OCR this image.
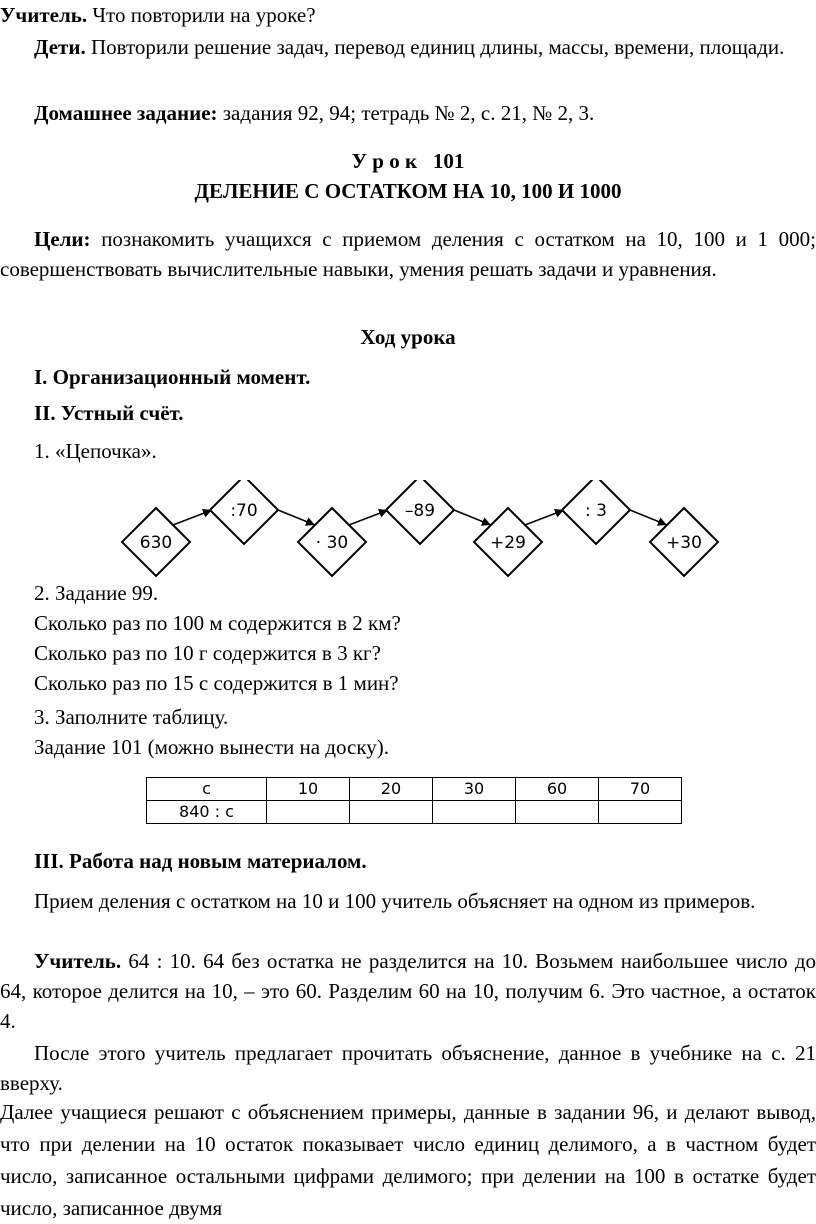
Учитель. Что повторили на уроке?

Дети. Повторили решение задач, перевод единиц длины, массы, времени, площади.

Домашнее задание: задания 92, 94; тетрадь № 2, с. 21, № 2, 3.

У р о к   101

ДЕЛЕНИЕ С ОСТАТКОМ НА 10, 100 И 1000

Цели: познакомить учащихся с приемом деления с остатком на 10, 100 и 1 000; совершенствовать вычислительные навыки, умения решать задачи и уравнения.

Ход урока

I. Организационный момент.

II. Устный счёт.

1. «Цепочка».

630
:70
· 30
–89
+29
: 3
+30

2. Задание 99.

Сколько раз по 100 м содержится в 2 км?

Сколько раз по 10 г содержится в 3 кг?

Сколько раз по 15 с содержится в 1 мин?

3. Заполните таблицу.

Задание 101 (можно вынести на доску).

с	10	20	30	60	70
840 : с					

III. Работа над новым материалом.

Прием деления с остатком на 10 и 100 учитель объясняет на одном из примеров.

Учитель. 64 : 10. 64 без остатка не разделится на 10. Возьмем наибольшее число до 64, которое делится на 10, – это 60. Разделим 60 на 10, получим 6. Это частное, а остаток 4.

После этого учитель предлагает прочитать объяснение, данное в учебнике на с. 21 вверху.

Далее учащиеся решают с объяснением примеры, данные в задании 96, и делают вывод, что при делении на 10 остаток показывает число единиц делимого, а в частном будет число, записанное остальными цифрами делимого; при делении на 100 в остатке будет число, записанное двумя
